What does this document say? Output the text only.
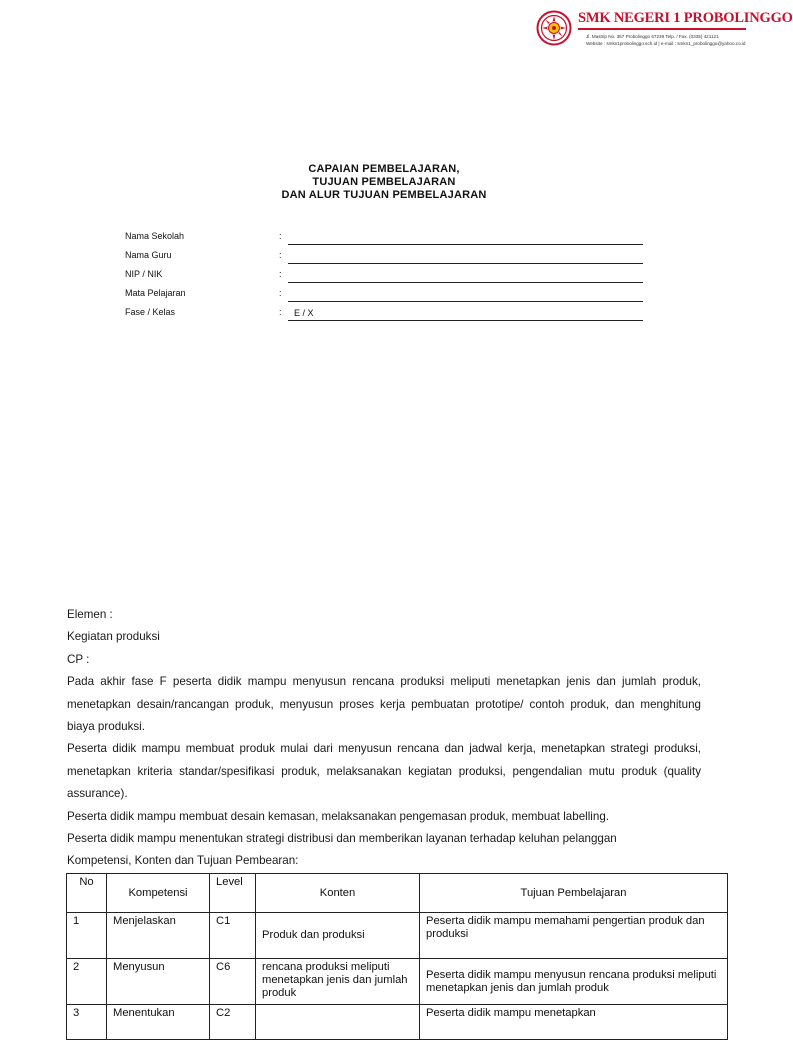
SMK NEGERI 1 PROBOLINGGO
Jl. Mastrip No. 357 Probolinggo 67239 Telp. / Fax. (0335) 421121
Website : smkn1probolinggo.sch.id | e-mail : smkn1_probolinggo@yahoo.co.id
CAPAIAN PEMBELAJARAN,
TUJUAN PEMBELAJARAN
DAN ALUR TUJUAN PEMBELAJARAN
Nama Sekolah	:
Nama Guru	:
NIP / NIK	:
Mata Pelajaran	:
Fase / Kelas	:	E / X

Elemen :

Kegiatan produksi

CP :

Pada akhir fase F peserta didik mampu menyusun rencana produksi meliputi menetapkan jenis dan jumlah produk, menetapkan desain/rancangan produk, menyusun proses kerja pembuatan prototipe/ contoh produk, dan menghitung biaya produksi.

Peserta didik mampu membuat produk mulai dari menyusun rencana dan jadwal kerja, menetapkan strategi produksi, menetapkan kriteria standar/spesifikasi produk, melaksanakan kegiatan produksi, pengendalian mutu produk (quality assurance).

Peserta didik mampu membuat desain kemasan, melaksanakan pengemasan produk, membuat labelling.

Peserta didik mampu menentukan strategi distribusi dan memberikan layanan terhadap keluhan pelanggan

Kompetensi, Konten dan Tujuan Pembearan:

No	Kompetensi	Level	Konten	Tujuan Pembelajaran
1	Menjelaskan	C1	Produk dan produksi	Peserta didik mampu memahami pengertian produk dan produksi
2	Menyusun	C6	rencana produksi meliputi menetapkan jenis dan jumlah produk	Peserta didik mampu menyusun rencana produksi meliputi menetapkan jenis dan jumlah produk
3	Menentukan	C2		Peserta didik mampu menetapkan
